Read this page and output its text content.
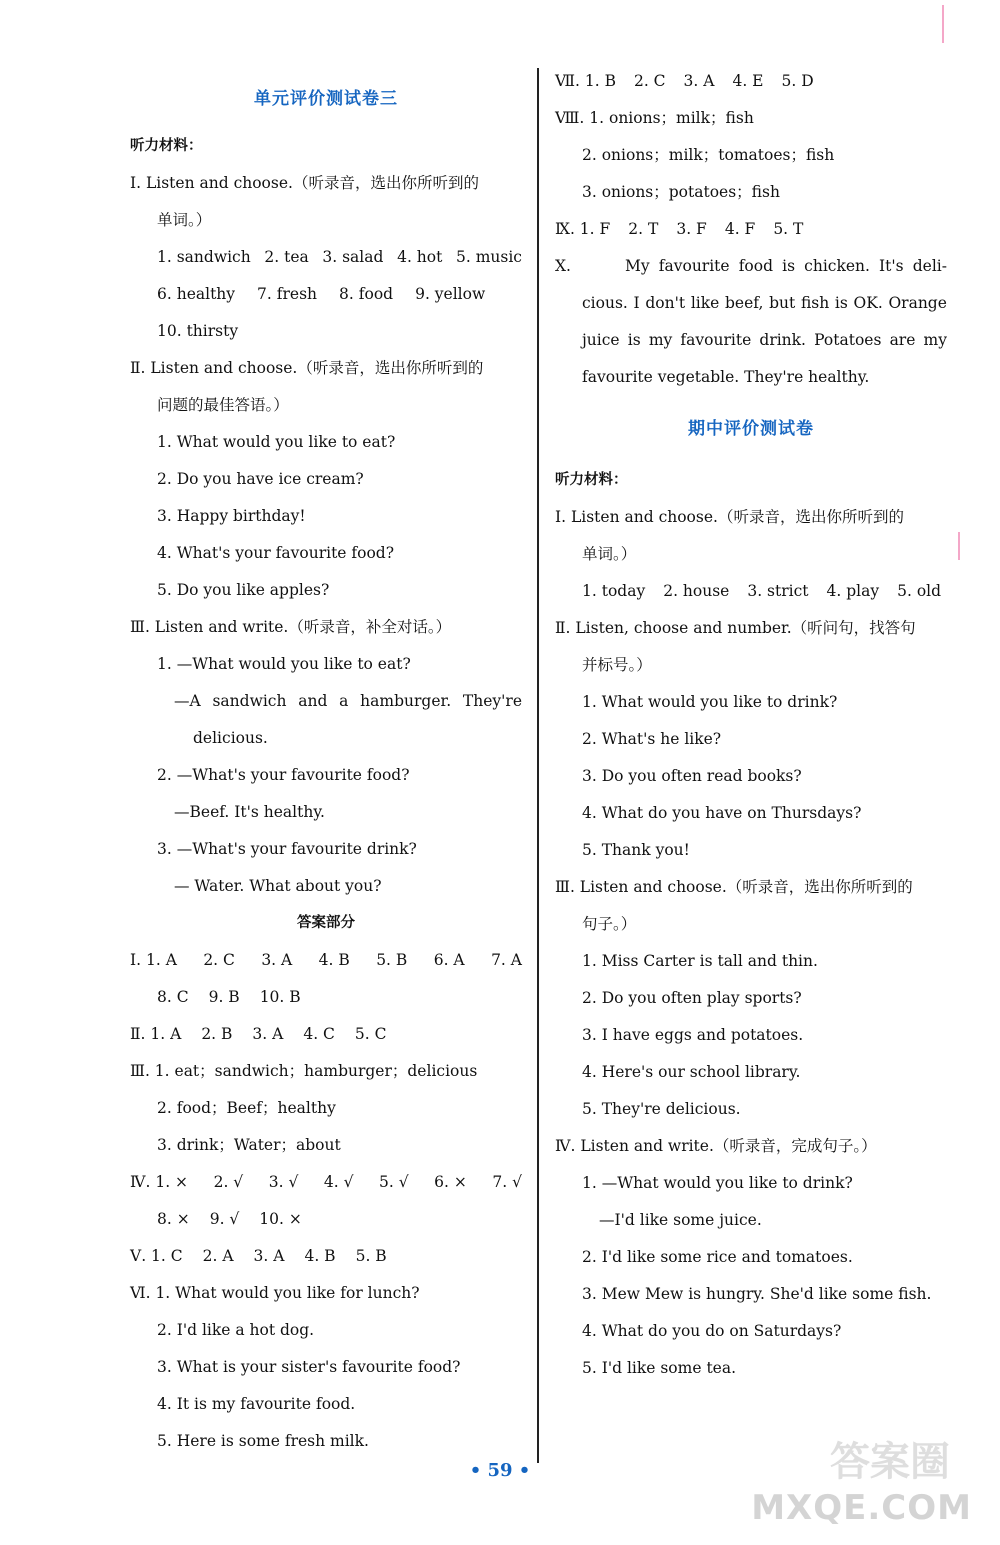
单元评价测试卷三
听力材料：
Ⅰ. Listen and choose.（听录音，选出你所听到的
单词。）
1. sandwich 2. tea 3. salad 4. hot 5. music
6. healthy 7. fresh 8. food 9. yellow
10. thirsty
Ⅱ. Listen and choose.（听录音，选出你所听到的
问题的最佳答语。）
1. What would you like to eat?
2. Do you have ice cream?
3. Happy birthday!
4. What's your favourite food?
5. Do you like apples?
Ⅲ. Listen and write.（听录音，补全对话。）
1. —What would you like to eat?
—A sandwich and a hamburger. They're
delicious.
2. —What's your favourite food?
—Beef. It's healthy.
3. —What's your favourite drink?
— Water. What about you?
答案部分
Ⅰ. 1. A 2. C 3. A 4. B 5. B 6. A 7. A
8. C 9. B 10. B
Ⅱ. 1. A 2. B 3. A 4. C 5. C
Ⅲ. 1. eat；sandwich；hamburger；delicious
2. food；Beef；healthy
3. drink；Water；about
Ⅳ. 1. × 2. √ 3. √ 4. √ 5. √ 6. × 7. √
8. × 9. √ 10. ×
Ⅴ. 1. C 2. A 3. A 4. B 5. B
Ⅵ. 1. What would you like for lunch?
2. I'd like a hot dog.
3. What is your sister's favourite food?
4. It is my favourite food.
5. Here is some fresh milk.
Ⅶ. 1. B 2. C 3. A 4. E 5. D
Ⅷ. 1. onions；milk；fish
2. onions；milk；tomatoes；fish
3. onions；potatoes；fish
Ⅸ. 1. F 2. T 3. F 4. F 5. T
Ⅹ.	My favourite food is chicken. It's deli-
cious. I don't like beef, but fish is OK. Orange
juice is my favourite drink. Potatoes are my
favourite vegetable. They're healthy.
期中评价测试卷
听力材料：
Ⅰ. Listen and choose.（听录音，选出你所听到的
单词。）
1. today 2. house 3. strict 4. play 5. old
Ⅱ. Listen, choose and number.（听问句，找答句
并标号。）
1. What would you like to drink?
2. What's he like?
3. Do you often read books?
4. What do you have on Thursdays?
5. Thank you!
Ⅲ. Listen and choose.（听录音，选出你所听到的
句子。）
1. Miss Carter is tall and thin.
2. Do you often play sports?
3. I have eggs and potatoes.
4. Here's our school library.
5. They're delicious.
Ⅳ. Listen and write.（听录音，完成句子。）
1. —What would you like to drink?
—I'd like some juice.
2. I'd like some rice and tomatoes.
3. Mew Mew is hungry. She'd like some fish.
4. What do you do on Saturdays?
5. I'd like some tea.
• 59 •	答案圈
MXQE.COM
